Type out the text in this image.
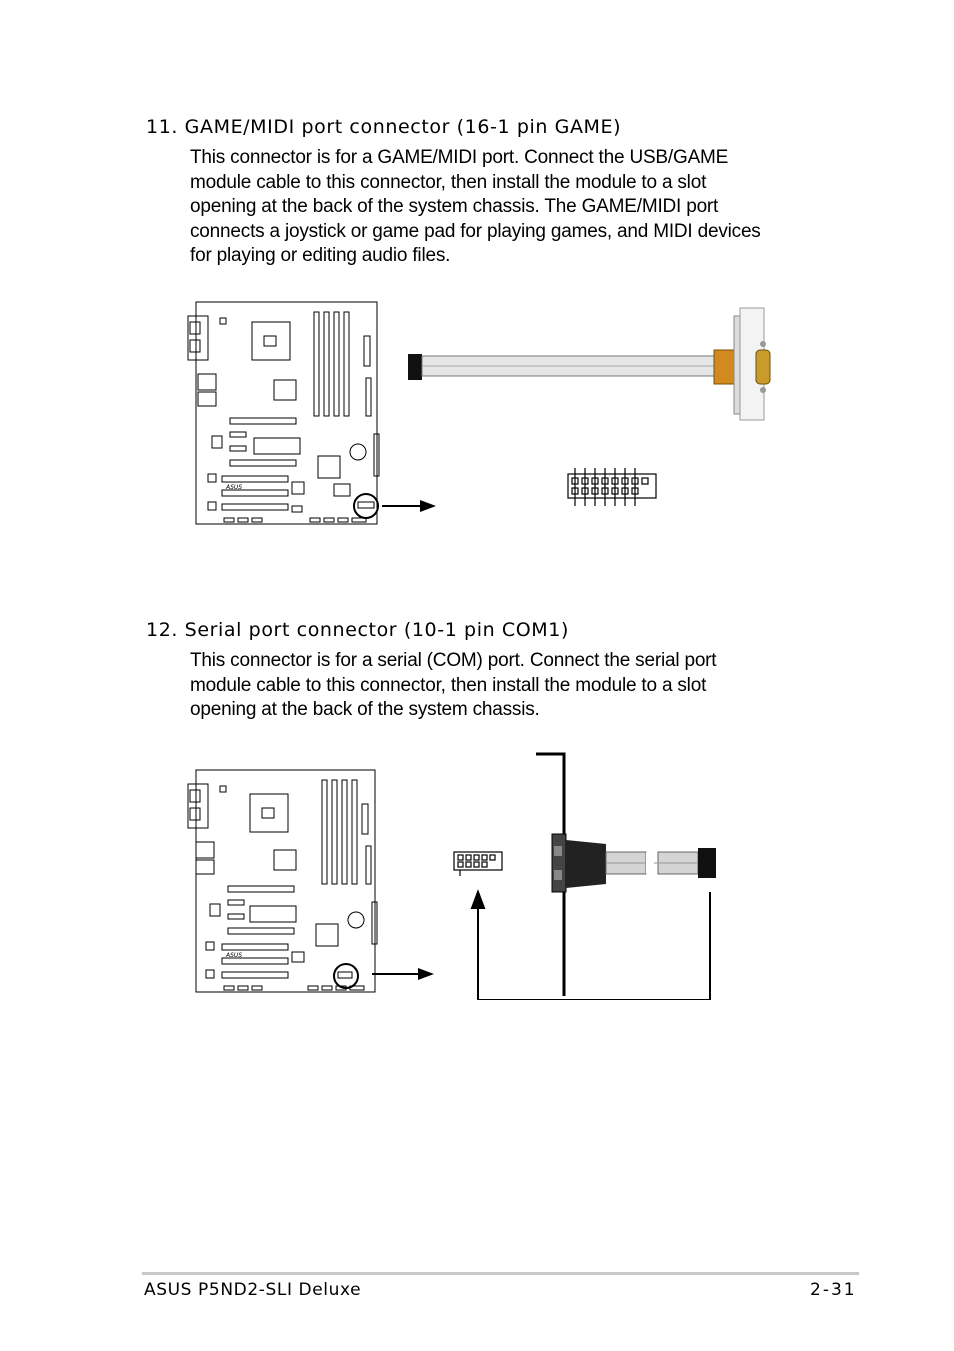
11. GAME/MIDI port connector (16-1 pin GAME)
This connector is for a GAME/MIDI port. Connect the USB/GAME
module cable to this connector, then install the module to a slot
opening at the back of the system chassis. The GAME/MIDI port
connects a joystick or game pad for playing games, and MIDI devices
for playing or editing audio files.
ASUS
12. Serial port connector (10-1 pin COM1)
This connector is for a serial (COM) port. Connect the serial port
module cable to this connector, then install the module to a slot
opening at the back of the system chassis.
ASUS
ASUS P5ND2-SLI Deluxe	2-31
